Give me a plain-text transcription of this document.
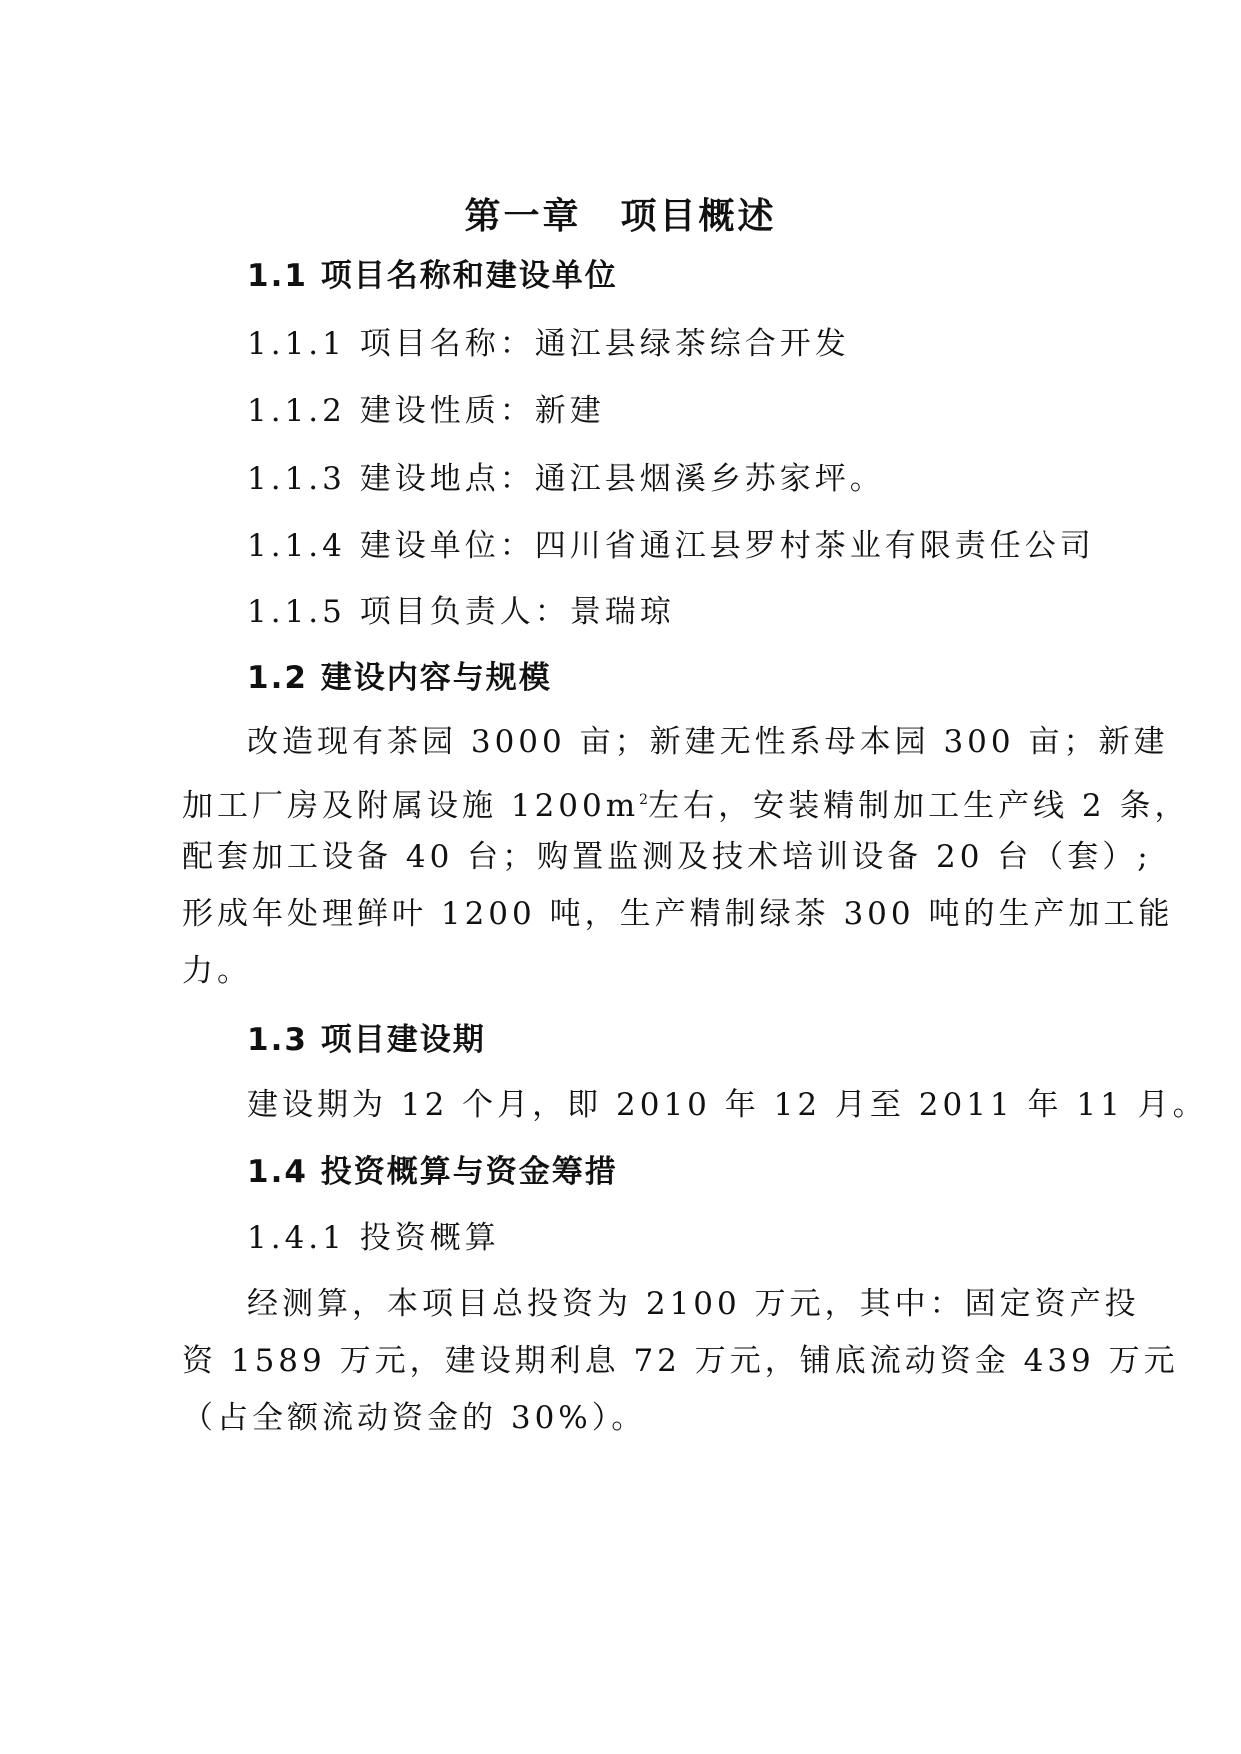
第一章　项目概述
1.1 项目名称和建设单位
1.1.1 项目名称：通江县绿茶综合开发
1.1.2 建设性质：新建
1.1.3 建设地点：通江县烟溪乡苏家坪。
1.1.4 建设单位：四川省通江县罗村茶业有限责任公司
1.1.5 项目负责人：景瑞琼
1.2 建设内容与规模
改造现有茶园 3000 亩；新建无性系母本园 300 亩；新建
加工厂房及附属设施 $1200m^2$左右，安装精制加工生产线 2 条，
配套加工设备 40 台；购置监测及技术培训设备 20 台（套）;
形成年处理鲜叶 1200 吨，生产精制绿茶 300 吨的生产加工能
力。
1.3 项目建设期
建设期为 12 个月，即 2010 年 12 月至 2011 年 11 月。
1.4 投资概算与资金筹措
1.4.1 投资概算
经测算，本项目总投资为 2100 万元，其中：固定资产投
资 1589 万元，建设期利息 72 万元，铺底流动资金 439 万元
（占全额流动资金的 30%）。
